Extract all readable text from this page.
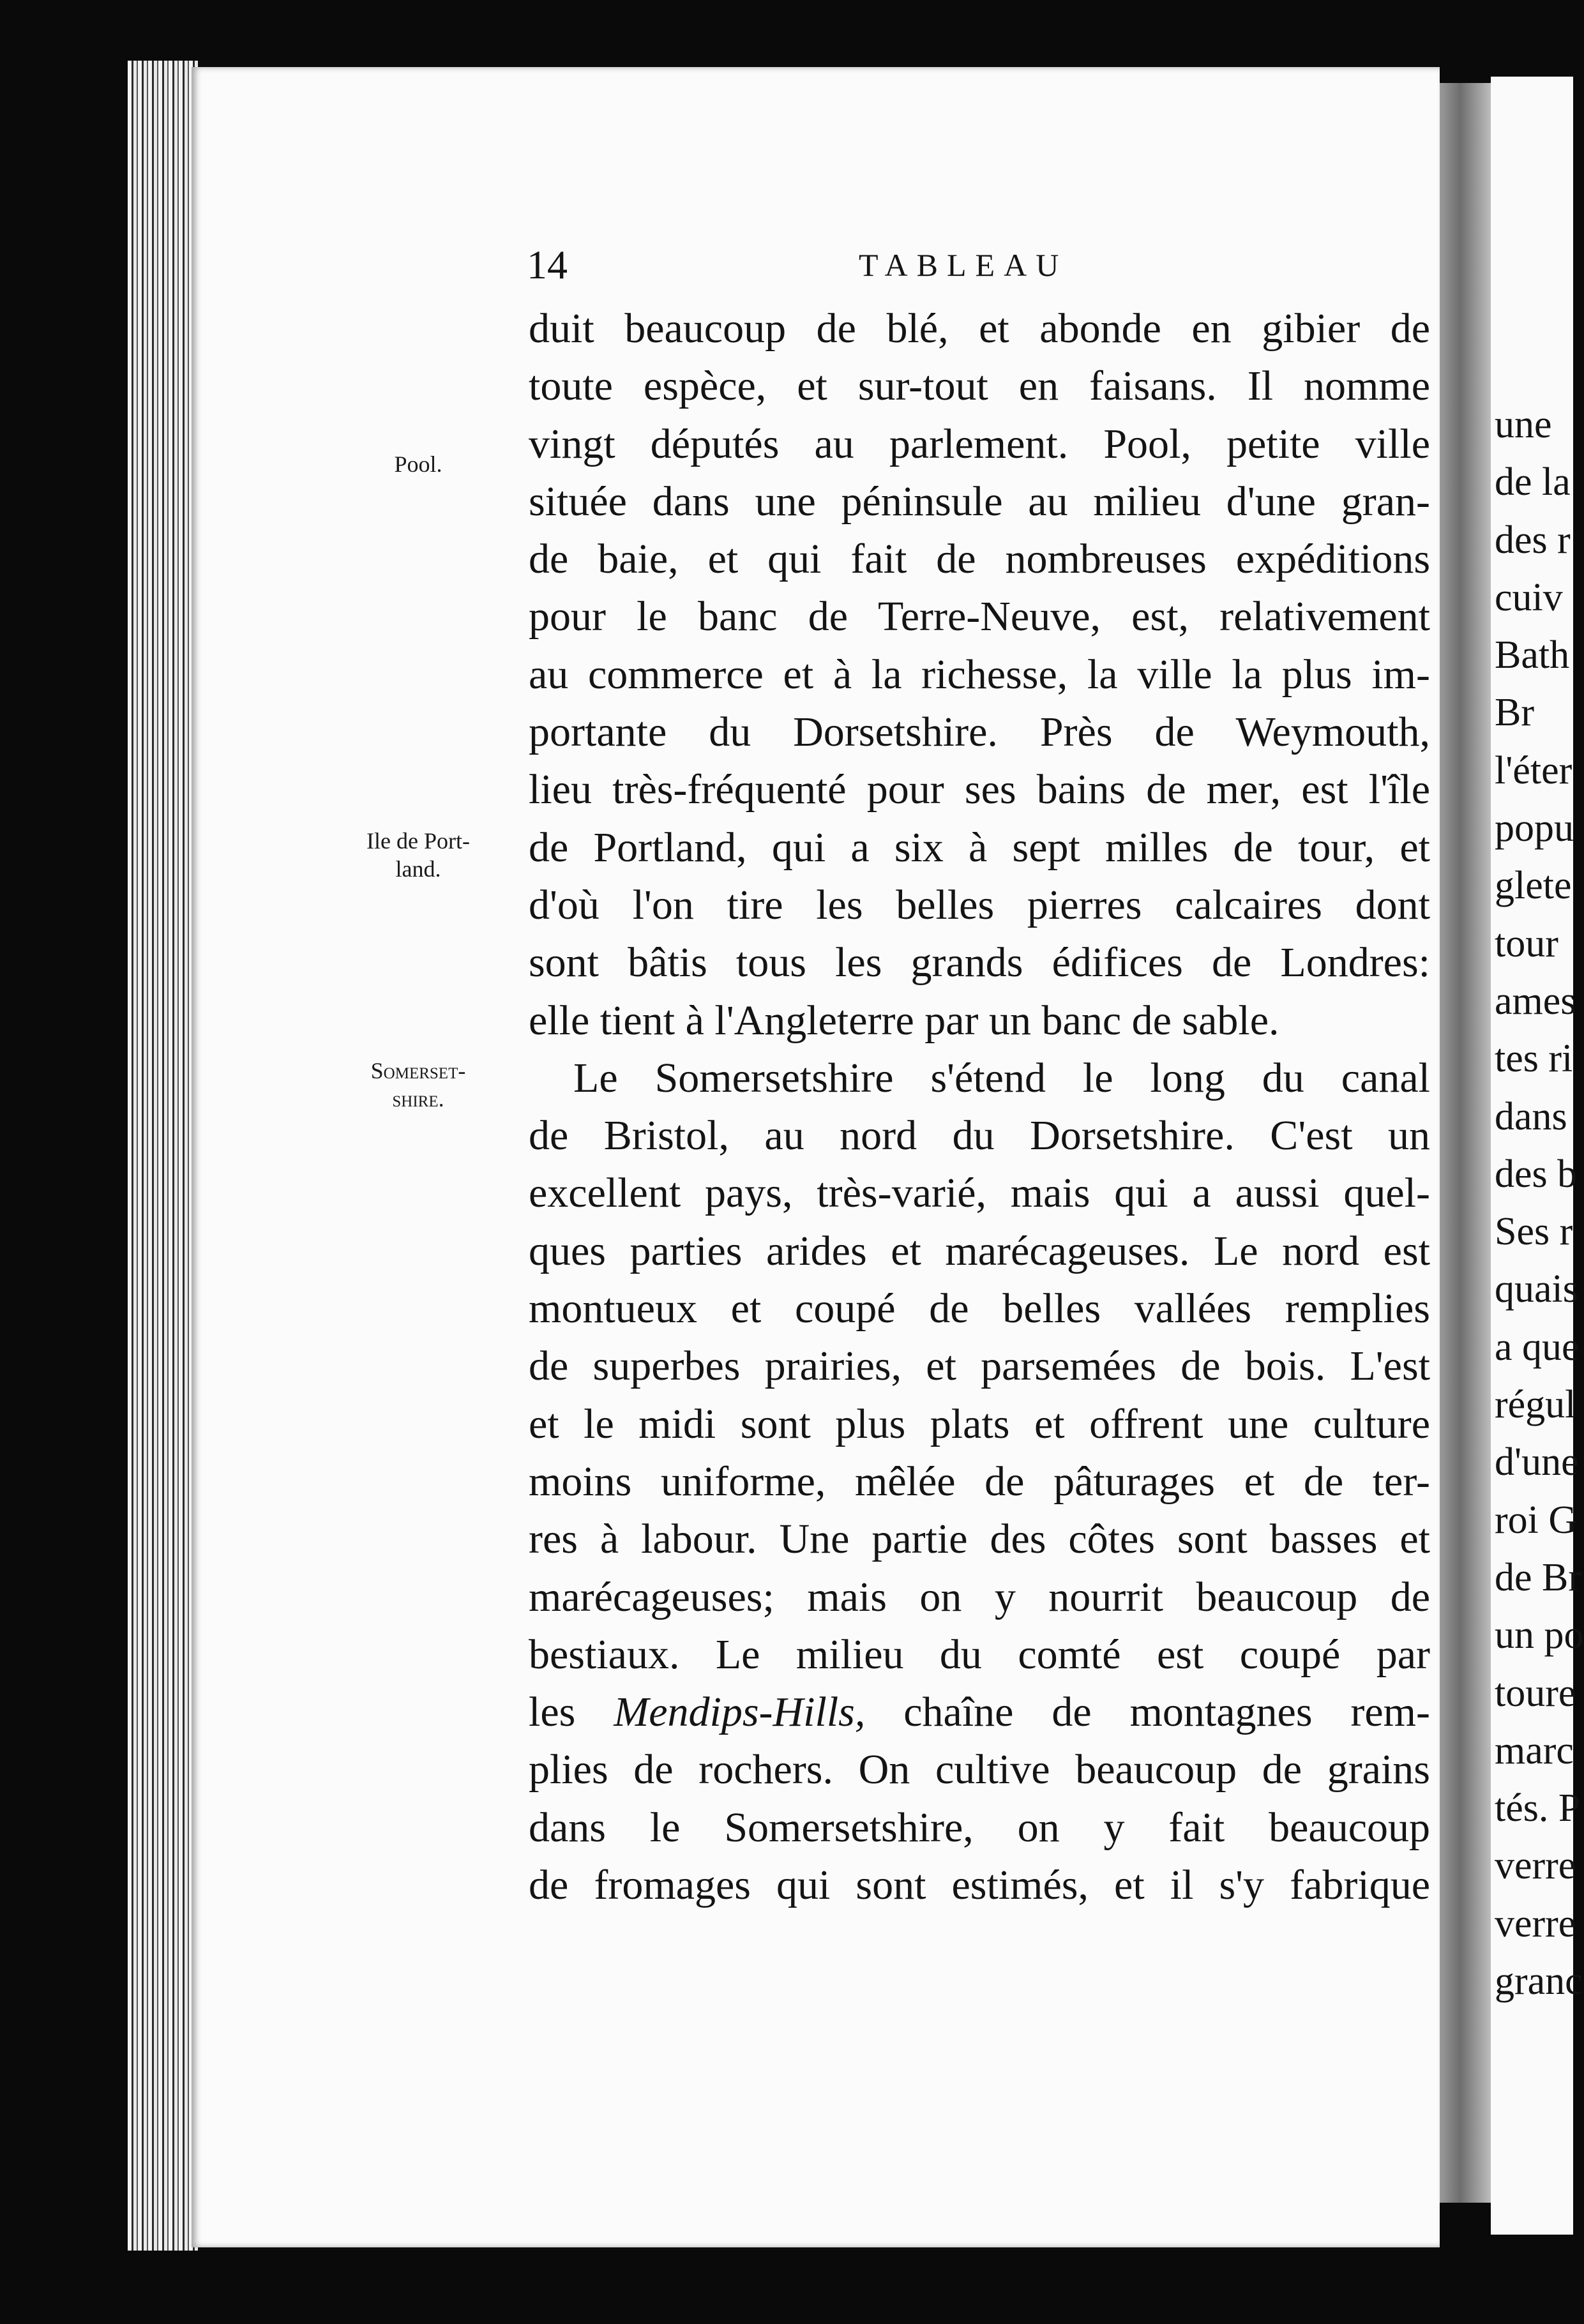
une
de la
des r
cuiv
Bath
Br
l'éter
popu
glete
tour
ames
tes ri
dans
des b
Ses r
quais
a que
régul
d'une
roi G
de Br
un po
toure
marc
tés. P
verre
verre
granc
14	TABLEAU
Pool.
Ile de Port-
land.
Somerset-
shire.
duit beaucoup de blé, et abonde en gibier de
toute espèce, et sur-tout en faisans. Il nomme
vingt députés au parlement. Pool, petite ville
située dans une péninsule au milieu d'une gran-
de baie, et qui fait de nombreuses expéditions
pour le banc de Terre-Neuve, est, relativement
au commerce et à la richesse, la ville la plus im-
portante du Dorsetshire. Près de Weymouth,
lieu très-fréquenté pour ses bains de mer, est l'île
de Portland, qui a six à sept milles de tour, et
d'où l'on tire les belles pierres calcaires dont
sont bâtis tous les grands édifices de Londres:
elle tient à l'Angleterre par un banc de sable.
Le Somersetshire s'étend le long du canal
de Bristol, au nord du Dorsetshire. C'est un
excellent pays, très-varié, mais qui a aussi quel-
ques parties arides et marécageuses. Le nord est
montueux et coupé de belles vallées remplies
de superbes prairies, et parsemées de bois. L'est
et le midi sont plus plats et offrent une culture
moins uniforme, mêlée de pâturages et de ter-
res à labour. Une partie des côtes sont basses et
marécageuses; mais on y nourrit beaucoup de
bestiaux. Le milieu du comté est coupé par
les Mendips-Hills, chaîne de montagnes rem-
plies de rochers. On cultive beaucoup de grains
dans le Somersetshire, on y fait beaucoup
de fromages qui sont estimés, et il s'y fabrique
